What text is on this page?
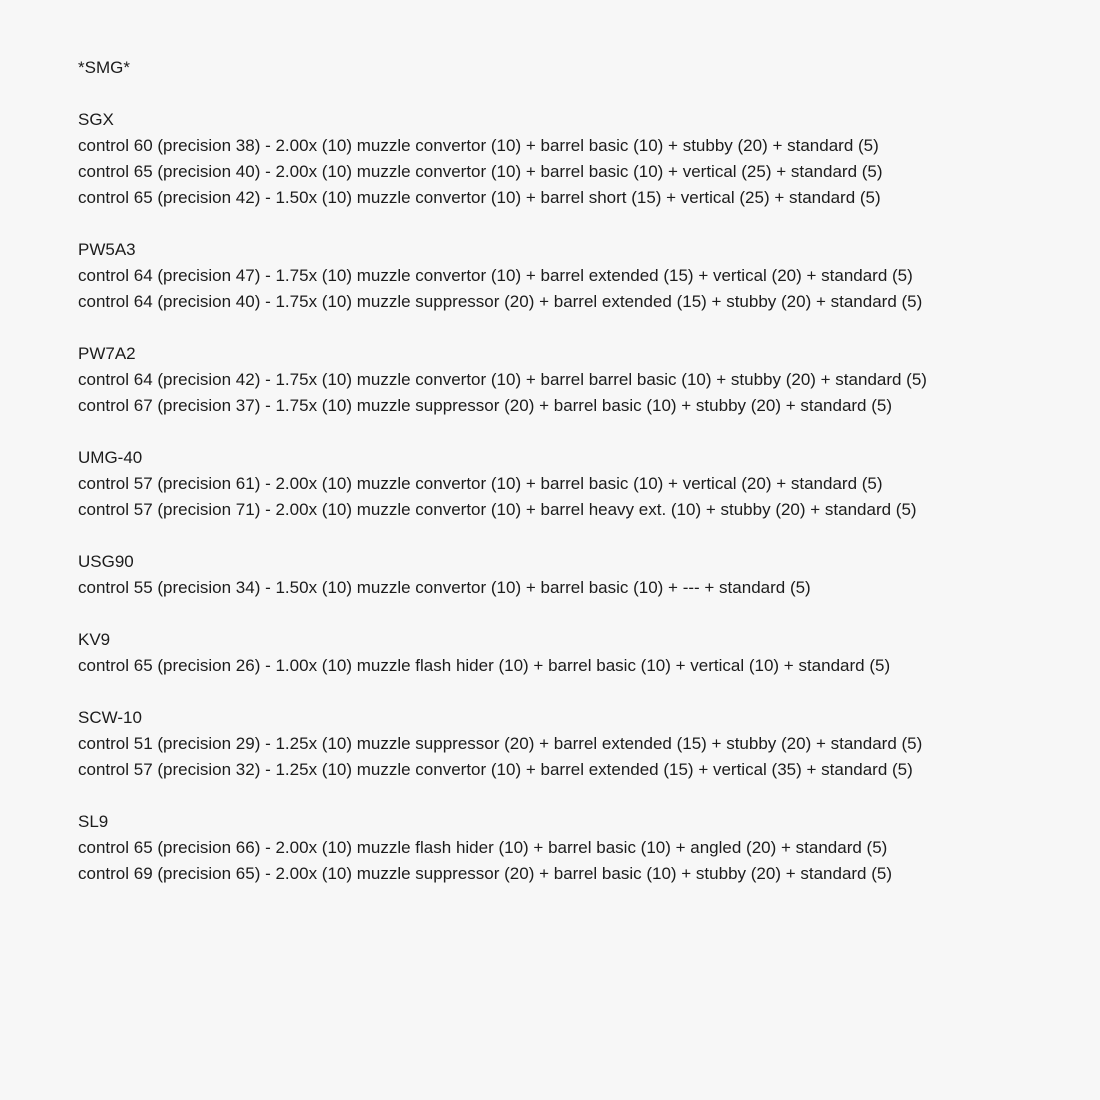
*SMG*
SGX
control 60 (precision 38) - 2.00x (10) muzzle convertor (10) + barrel basic (10) + stubby (20) + standard (5)
control 65 (precision 40) - 2.00x (10) muzzle convertor (10) + barrel basic (10) + vertical (25) + standard (5)
control 65 (precision 42) - 1.50x (10) muzzle convertor (10) + barrel short (15) + vertical (25) + standard (5)
PW5A3
control 64 (precision 47) - 1.75x (10) muzzle convertor (10) + barrel extended (15) + vertical (20) + standard (5)
control 64 (precision 40) - 1.75x (10) muzzle suppressor (20) + barrel extended (15) + stubby (20) + standard (5)
PW7A2
control 64 (precision 42) - 1.75x (10) muzzle convertor (10) + barrel barrel basic (10) + stubby (20) + standard (5)
control 67 (precision 37) - 1.75x (10) muzzle suppressor (20) + barrel basic (10) + stubby (20) + standard (5)
UMG-40
control 57 (precision 61) - 2.00x (10) muzzle convertor (10) + barrel basic (10) + vertical (20) + standard (5)
control 57 (precision 71) - 2.00x (10) muzzle convertor (10) + barrel heavy ext. (10) + stubby (20) + standard (5)
USG90
control 55 (precision 34) - 1.50x (10) muzzle convertor (10) + barrel basic (10) + --- + standard (5)
KV9
control 65 (precision 26) - 1.00x (10) muzzle flash hider (10) + barrel basic (10) + vertical (10) + standard (5)
SCW-10
control 51 (precision 29) - 1.25x (10) muzzle suppressor (20) + barrel extended (15) + stubby (20) + standard (5)
control 57 (precision 32) - 1.25x (10) muzzle convertor (10) + barrel extended (15) + vertical (35) + standard (5)
SL9
control 65 (precision 66) - 2.00x (10) muzzle flash hider (10) + barrel basic (10) + angled (20) + standard (5)
control 69 (precision 65) - 2.00x (10) muzzle suppressor (20) + barrel basic (10) + stubby (20) + standard (5)
